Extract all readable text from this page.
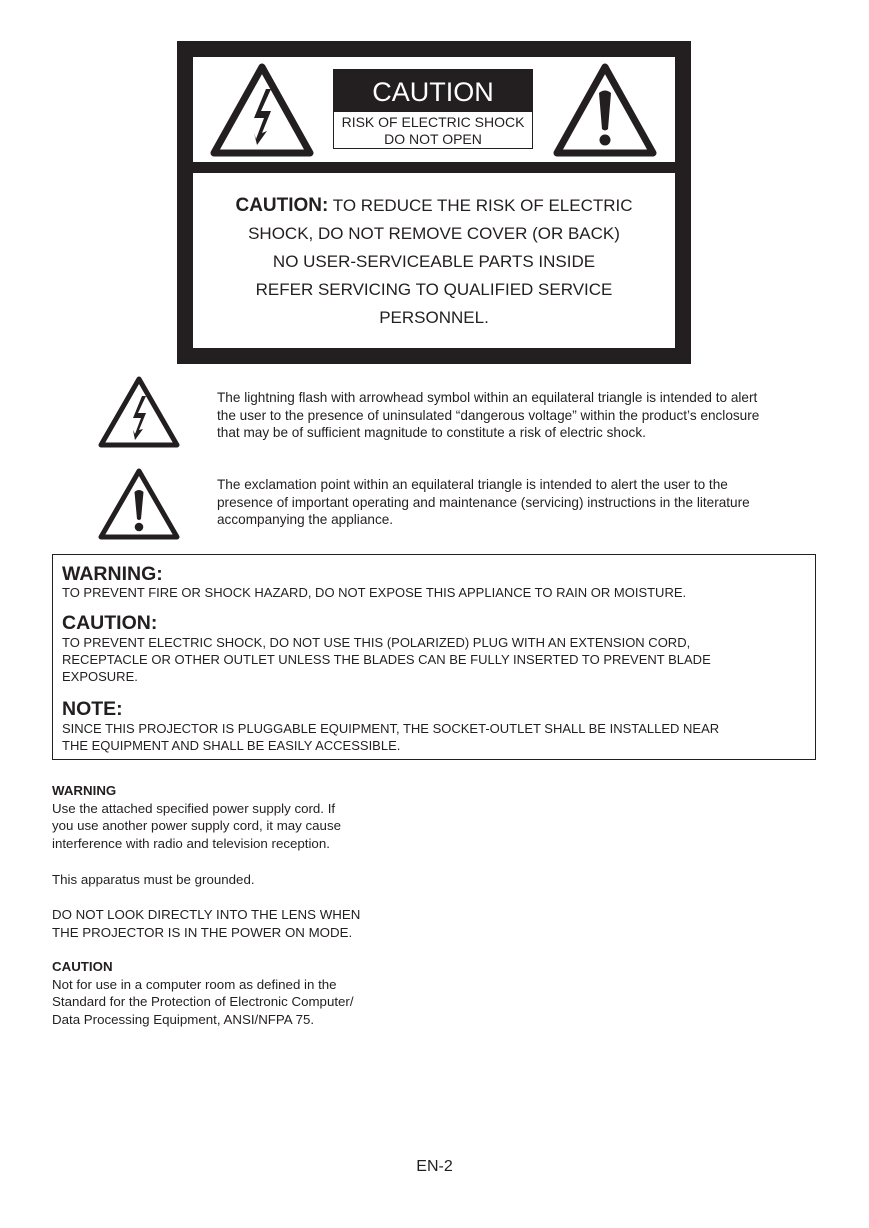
CAUTION
RISK OF ELECTRIC SHOCK
DO NOT OPEN
CAUTION: TO REDUCE THE RISK OF ELECTRIC
SHOCK, DO NOT REMOVE COVER (OR BACK)
NO USER-SERVICEABLE PARTS INSIDE
REFER SERVICING TO QUALIFIED SERVICE
PERSONNEL.
The lightning flash with arrowhead symbol within an equilateral triangle is intended to alert
the user to the presence of uninsulated “dangerous voltage” within the product’s enclosure
that may be of sufficient magnitude to constitute a risk of electric shock.
The exclamation point within an equilateral triangle is intended to alert the user to the
presence of important operating and maintenance (servicing) instructions in the literature
accompanying the appliance.
WARNING:
TO PREVENT FIRE OR SHOCK HAZARD, DO NOT EXPOSE THIS APPLIANCE TO RAIN OR MOISTURE.
CAUTION:
TO PREVENT ELECTRIC SHOCK, DO NOT USE THIS (POLARIZED) PLUG WITH AN EXTENSION CORD,
RECEPTACLE OR OTHER OUTLET UNLESS THE BLADES CAN BE FULLY INSERTED TO PREVENT BLADE
EXPOSURE.
NOTE:
SINCE THIS PROJECTOR IS PLUGGABLE EQUIPMENT, THE SOCKET-OUTLET SHALL BE INSTALLED NEAR
THE EQUIPMENT AND SHALL BE EASILY ACCESSIBLE.
WARNING
Use the attached specified power supply cord. If
you use another power supply cord, it may cause
interference with radio and television reception.
This apparatus must be grounded.
DO NOT LOOK DIRECTLY INTO THE LENS WHEN
THE PROJECTOR IS IN THE POWER ON MODE.
CAUTION
Not for use in a computer room as defined in the
Standard for the Protection of Electronic Computer/
Data Processing Equipment, ANSI/NFPA 75.
EN-2
